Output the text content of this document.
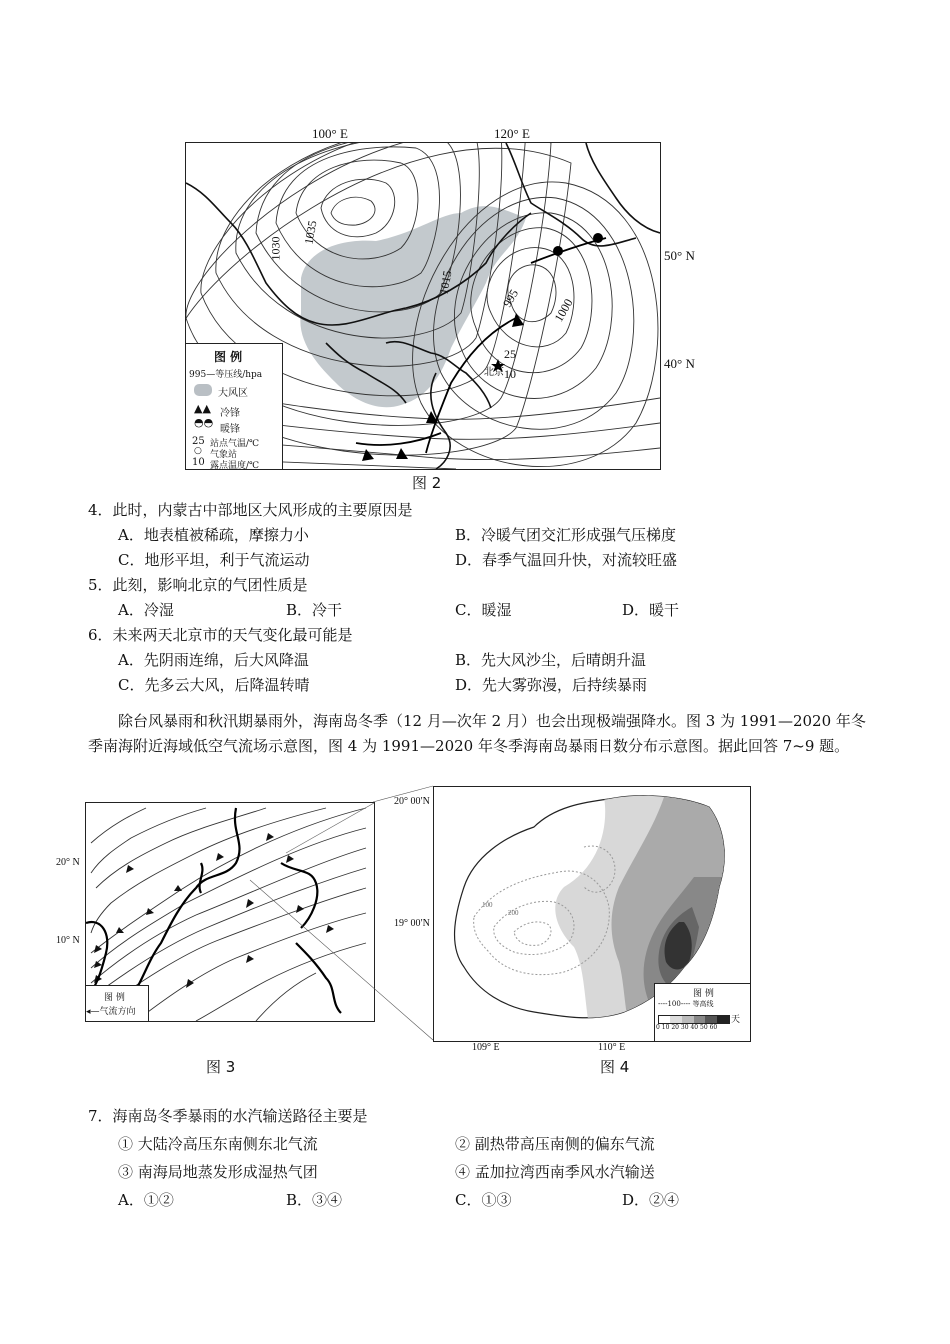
100° E	120° E
50° N
40° N
1030
1035
1015
995	1000
25
10
北京
图 例
995—等压线/hpa
大风区
▲▲ 冷锋
◓◓
暖锋
25 站点气温/℃
○ 气象站
10 露点温度/℃
图 2
4．此时，内蒙古中部地区大风形成的主要原因是
A．地表植被稀疏，摩擦力小	B．冷暖气团交汇形成强气压梯度
C．地形平坦，利于气流运动	D．春季气温回升快，对流较旺盛
5．此刻，影响北京的气团性质是
A．冷湿	B．冷干	C．暖湿	D．暖干
6．未来两天北京市的天气变化最可能是
A．先阴雨连绵，后大风降温	B．先大风沙尘，后晴朗升温
C．先多云大风，后降温转晴	D．先大雾弥漫，后持续暴雨
除台风暴雨和秋汛期暴雨外，海南岛冬季（12 月—次年 2 月）也会出现极端强降水。图 3 为 1991—2020 年冬季南海附近海域低空气流场示意图，图 4 为 1991—2020 年冬季海南岛暴雨日数分布示意图。据此回答 7~9 题。
20° N
10° N
图 例
◂—气流方向
图 3
20° 00′N
19° 00′N
109° E	110° E
100
200
图 例
----100---- 等高线
天
0 10 20 30 40 50 60
图 4
7．海南岛冬季暴雨的水汽输送路径主要是
① 大陆冷高压东南侧东北气流	② 副热带高压南侧的偏东气流
③ 南海局地蒸发形成湿热气团	④ 孟加拉湾西南季风水汽输送
A．①②	B．③④	C．①③	D．②④
